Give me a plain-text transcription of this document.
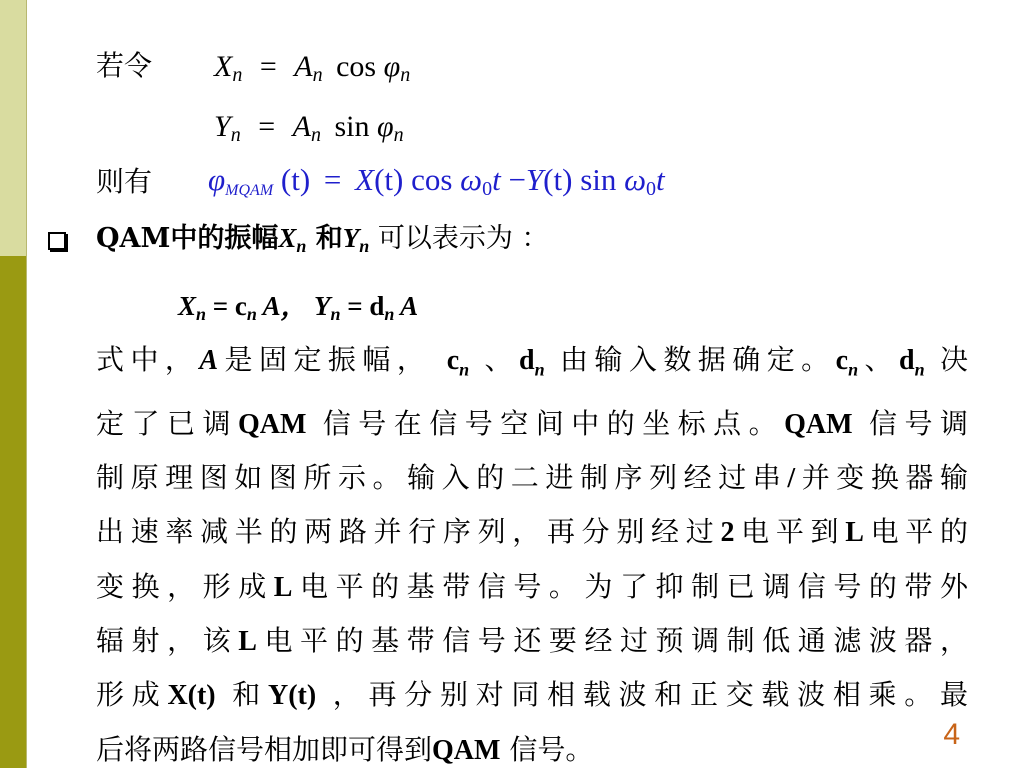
若令 $X_n = A_n$ $\cos \varphi_n$
$Y_n = A_n$ $\sin \varphi_n$
则有 $\varphi_{MQAM}$ (t) = X(t) $\cos \omega_0t -Y(t)$ $\sin \omega_0t$
QAM中的振幅$X_n$ 和$Y_n$ 可以表示为 ：
$X_n = c_n$ A， $Y_n = d_n$ A
式中，A是固定振幅， $c_n$ 、$d_n$ 由输入数据确定。$c_n$、$d_n$ 决
定了已调QAM 信号在信号空间中的坐标点。QAM 信号调
制原理图如图所示。输入的二进制序列经过串/并变换器输
出速率减半的两路并行序列，再分别经过2电平到L电平的
变换，形成L电平的基带信号。为了抑制已调信号的带外
辐射，该L电平的基带信号还要经过预调制低通滤波器，
形成X(t) 和Y(t) ，再分别对同相载波和正交载波相乘。最
后将两路信号相加即可得到QAM 信号。	4
